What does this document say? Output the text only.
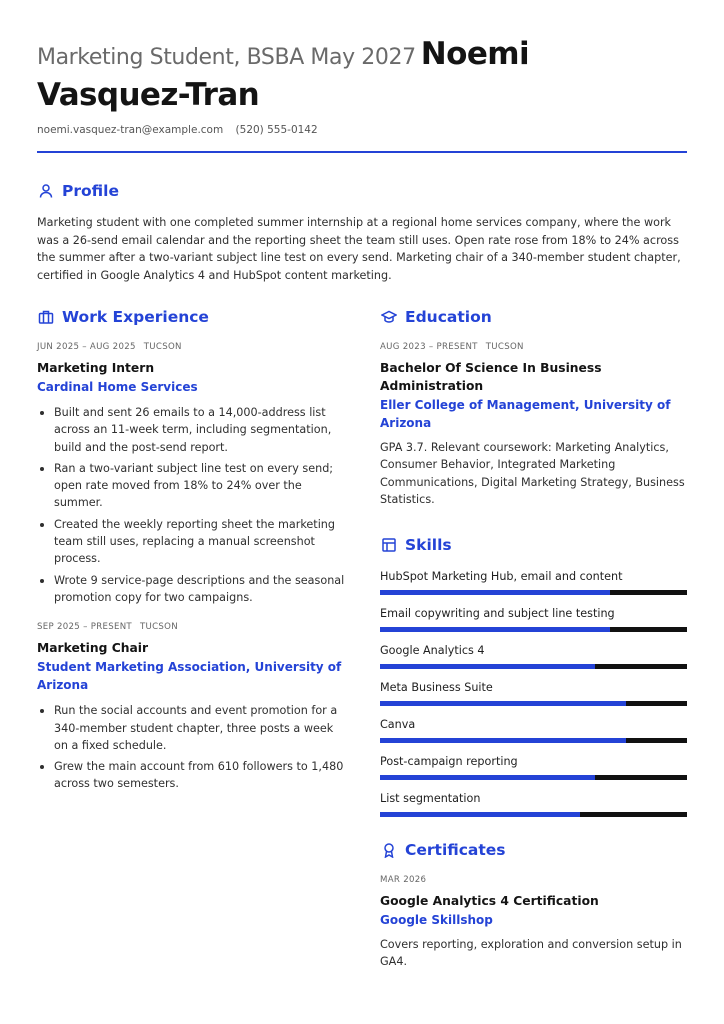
Marketing Student, BSBA May 2027 Noemi Vasquez-Tran
noemi.vasquez-tran@example.com (520) 555-0142
Profile

Marketing student with one completed summer internship at a regional home services company, where the work was a 26-send email calendar and the reporting sheet the team still uses. Open rate rose from 18% to 24% across the summer after a two-variant subject line test on every send. Marketing chair of a 340-member student chapter, certified in Google Analytics 4 and HubSpot content marketing.

Work Experience
JUN 2025 – AUG 2025 TUCSON
Marketing Intern
Cardinal Home Services
Built and sent 26 emails to a 14,000-address list across an 11-week term, including segmentation, build and the post-send report.
Ran a two-variant subject line test on every send; open rate moved from 18% to 24% over the summer.
Created the weekly reporting sheet the marketing team still uses, replacing a manual screenshot process.
Wrote 9 service-page descriptions and the seasonal promotion copy for two campaigns.
SEP 2025 – PRESENT TUCSON
Marketing Chair
Student Marketing Association, University of Arizona
Run the social accounts and event promotion for a 340-member student chapter, three posts a week on a fixed schedule.
Grew the main account from 610 followers to 1,480 across two semesters.
Education
AUG 2023 – PRESENT TUCSON
Bachelor Of Science In Business Administration
Eller College of Management, University of Arizona
GPA 3.7. Relevant coursework: Marketing Analytics, Consumer Behavior, Integrated Marketing Communications, Digital Marketing Strategy, Business Statistics.
Skills
HubSpot Marketing Hub, email and content
Email copywriting and subject line testing
Google Analytics 4
Meta Business Suite
Canva
Post-campaign reporting
List segmentation
Certificates
MAR 2026
Google Analytics 4 Certification
Google Skillshop
Covers reporting, exploration and conversion setup in GA4.
